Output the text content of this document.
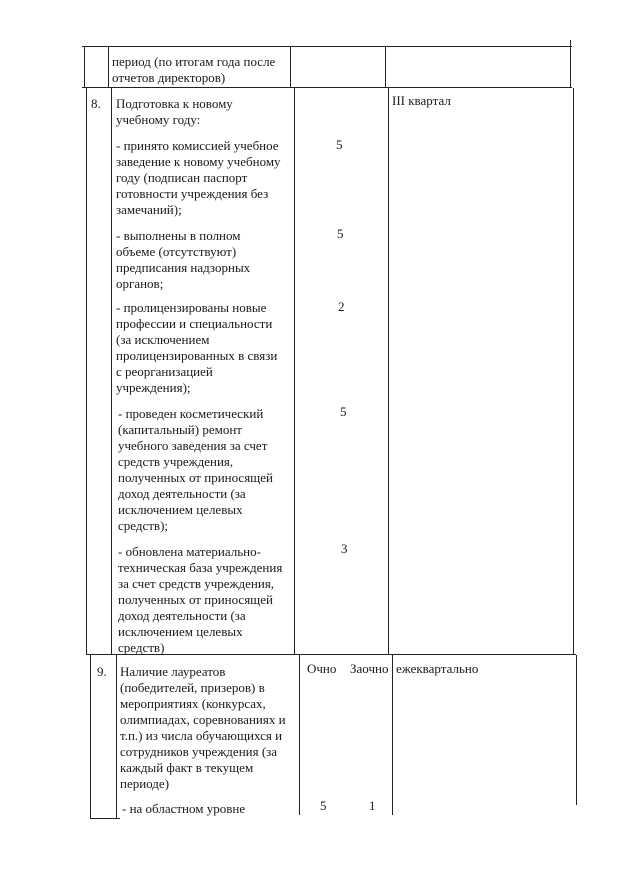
период (по итогам года после
отчетов директоров)
8. Подготовка к новому
учебному году:
III квартал
- принято комиссией учебное
заведение к новому учебному
году (подписан паспорт
готовности учреждения без
замечаний);
5
- выполнены в полном
объеме (отсутствуют)
предписания надзорных
органов;
5
- пролицензированы новые
профессии и специальности
(за исключением
пролицензированных в связи
с реорганизацией
учреждения);
2
- проведен косметический
(капитальный) ремонт
учебного заведения за счет
средств учреждения,
полученных от приносящей
доход деятельности (за
исключением целевых
средств);
5
- обновлена материально-
техническая база учреждения
за счет средств учреждения,
полученных от приносящей
доход деятельности (за
исключением целевых
средств)
3
9. Наличие лауреатов
(победителей, призеров) в
мероприятиях (конкурсах,
олимпиадах, соревнованиях и
т.п.) из числа обучающихся и
сотрудников учреждения (за
каждый факт в текущем
периоде)
Очно Заочно ежеквартально
- на областном уровне	5	1
